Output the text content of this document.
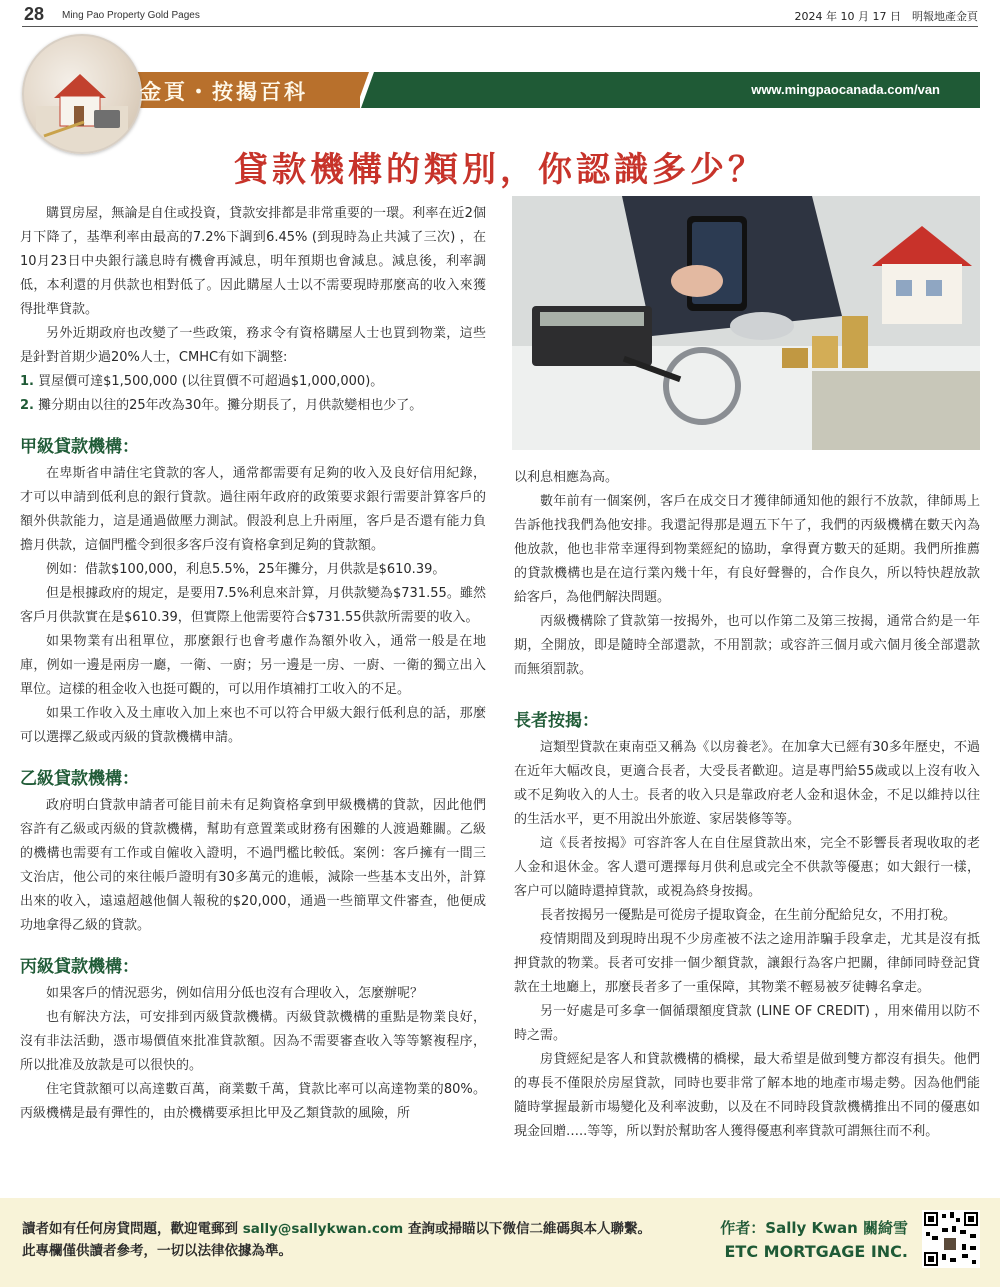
28 Ming Pao Property Gold Pages	2024 年 10 月 17 日　明報地產金頁
金頁・按揭百科	www.mingpaocanada.com/van
貸款機構的類別，你認識多少？

購買房屋，無論是自住或投資，貸款安排都是非常重要的一環。利率在近2個月下降了，基準利率由最高的7.2%下調到6.45% (到現時為止共減了三次) ，在10月23日中央銀行議息時有機會再減息，明年預期也會減息。減息後，利率調低，本利還的月供款也相對低了。因此購屋人士以不需要現時那麼高的收入來獲得批準貸款。

另外近期政府也改變了一些政策，務求令有資格購屋人士也買到物業，這些是針對首期少過20%人士，CMHC有如下調整:

1. 買屋價可達$1,500,000 (以往買價不可超過$1,000,000)。

2. 攤分期由以往的25年改為30年。攤分期長了，月供款變相也少了。

甲級貸款機構：

在卑斯省申請住宅貸款的客人，通常都需要有足夠的收入及良好信用紀錄，才可以申請到低利息的銀行貸款。過往兩年政府的政策要求銀行需要計算客戶的額外供款能力，這是通過做壓力測試。假設利息上升兩厘，客戶是否還有能力負擔月供款，這個門檻令到很多客戶沒有資格拿到足夠的貸款額。

例如：借款$100,000，利息5.5%，25年攤分，月供款是$610.39。

但是根據政府的規定，是要用7.5%利息來計算，月供款變為$731.55。雖然客戶月供款實在是$610.39，但實際上他需要符合$731.55供款所需要的收入。

如果物業有出租單位，那麼銀行也會考慮作為額外收入，通常一般是在地庫，例如一邊是兩房一廳，一衛、一廚；另一邊是一房、一廚、一衛的獨立出入單位。這樣的租金收入也挺可觀的，可以用作填補打工收入的不足。

如果工作收入及土庫收入加上來也不可以符合甲級大銀行低利息的話，那麼可以選擇乙級或丙級的貸款機構申請。

乙級貸款機構：

政府明白貸款申請者可能目前未有足夠資格拿到甲級機構的貸款，因此他們容許有乙級或丙級的貸款機構，幫助有意置業或財務有困難的人渡過難關。乙級的機構也需要有工作或自僱收入證明，不過門檻比較低。案例：客戶擁有一間三文治店，他公司的來往帳戶證明有30多萬元的進帳，減除一些基本支出外，計算出來的收入，遠遠超越他個人報稅的$20,000，通過一些簡單文件審查，他便成功地拿得乙級的貸款。

丙級貸款機構：

如果客戶的情況惡劣，例如信用分低也沒有合理收入，怎麼辦呢？

也有解決方法，可安排到丙級貸款機構。丙級貸款機構的重點是物業良好，沒有非法活動，憑市場價值來批准貸款額。因為不需要審查收入等等繁複程序，所以批准及放款是可以很快的。

住宅貸款額可以高達數百萬，商業數千萬，貸款比率可以高達物業的80%。丙級機構是最有彈性的，由於機構要承担比甲及乙類貸款的風險，所

以利息相應為高。

數年前有一個案例，客戶在成交日才獲律師通知他的銀行不放款，律師馬上告訴他找我們為他安排。我還記得那是週五下午了，我們的丙級機構在數天內為他放款，他也非常幸運得到物業經紀的協助，拿得賣方數天的延期。我們所推薦的貸款機構也是在這行業內幾十年，有良好聲譽的，合作良久，所以特快趕放款給客戶，為他們解決問題。

丙級機構除了貸款第一按揭外，也可以作第二及第三按揭，通常合約是一年期，全開放，即是隨時全部還款，不用罰款；或容許三個月或六個月後全部還款而無須罰款。

長者按揭：

這類型貸款在東南亞又稱為《以房養老》。在加拿大已經有30多年歷史，不過在近年大幅改良，更適合長者，大受長者歡迎。這是專門給55歲或以上沒有收入或不足夠收入的人士。長者的收入只是靠政府老人金和退休金，不足以維持以往的生活水平，更不用說出外旅遊、家居裝修等等。

這《長者按揭》可容許客人在自住屋貸款出來，完全不影響長者現收取的老人金和退休金。客人還可選擇每月供利息或完全不供款等優惠；如大銀行一樣，客户可以隨時還掉貸款，或視為終身按揭。

長者按揭另一優點是可從房子提取資金，在生前分配給兒女，不用打稅。

疫情期間及到現時出現不少房產被不法之途用詐騙手段拿走，尤其是沒有抵押貸款的物業。長者可安排一個少額貸款，讓銀行為客户把關，律師同時登記貸款在土地廳上，那麼長者多了一重保障，其物業不輕易被歹徒轉名拿走。

另一好處是可多拿一個循環額度貸款 (LINE OF CREDIT) ，用來備用以防不時之需。

房貸經紀是客人和貸款機構的橋樑，最大希望是做到雙方都沒有損失。他們的專長不僅限於房屋貸款，同時也要非常了解本地的地產市場走勢。因為他們能隨時掌握最新市場變化及利率波動，以及在不同時段貸款機構推出不同的優惠如現金回贈…..等等，所以對於幫助客人獲得優惠利率貸款可謂無往而不利。

讀者如有任何房貸問題，歡迎電郵到 sally@sallykwan.com 查詢或掃瞄以下微信二維碼與本人聯繫。
此專欄僅供讀者參考，一切以法律依據為準。
作者：Sally Kwan 關綺雪
ETC MORTGAGE INC.
